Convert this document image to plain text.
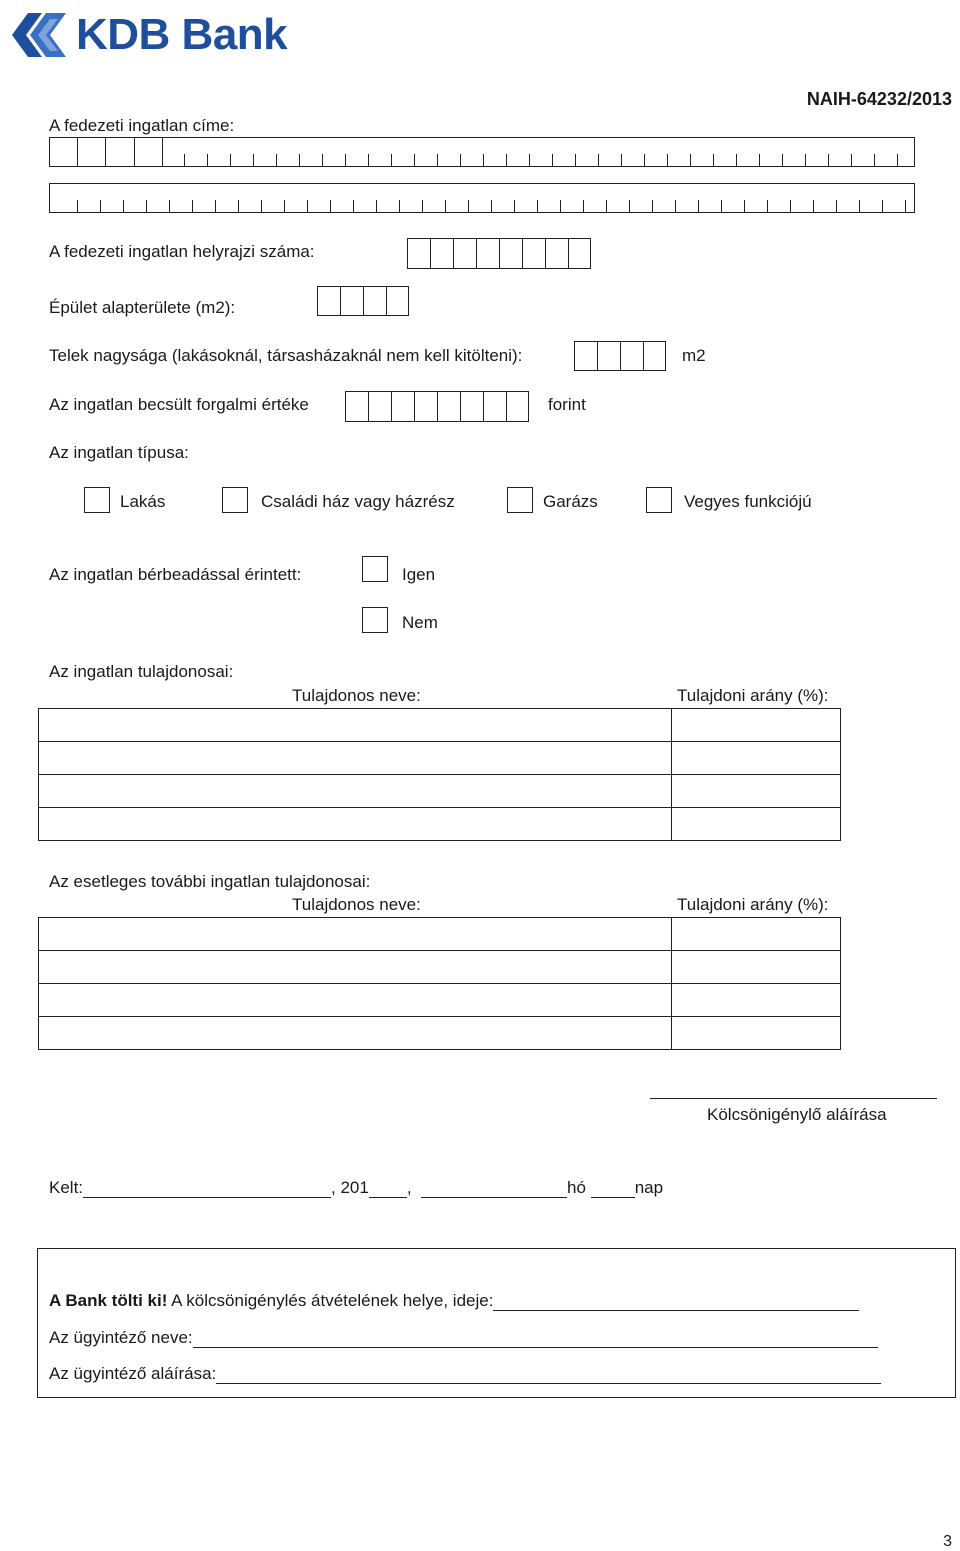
KDB Bank
NAIH-64232/2013
A fedezeti ingatlan címe:
A fedezeti ingatlan helyrajzi száma:
Épület alapterülete (m2):
Telek nagysága (lakásoknál, társasházaknál nem kell kitölteni):	m2
Az ingatlan becsült forgalmi értéke	forint
Az ingatlan típusa:
Lakás	Családi ház vagy házrész	Garázs	Vegyes funkciójú
Az ingatlan bérbeadással érintett:	Igen
Nem
Az ingatlan tulajdonosai:
Tulajdonos neve:	Tulajdoni arány (%):

Az esetleges további ingatlan tulajdonosai:
Tulajdonos neve:	Tulajdoni arány (%):

Kölcsönigénylő aláírása
Kelt:	, 201 ,	hó	nap
A Bank tölti ki! A kölcsönigénylés átvételének helye, ideje:
Az ügyintéző neve:
Az ügyintéző aláírása:
3
